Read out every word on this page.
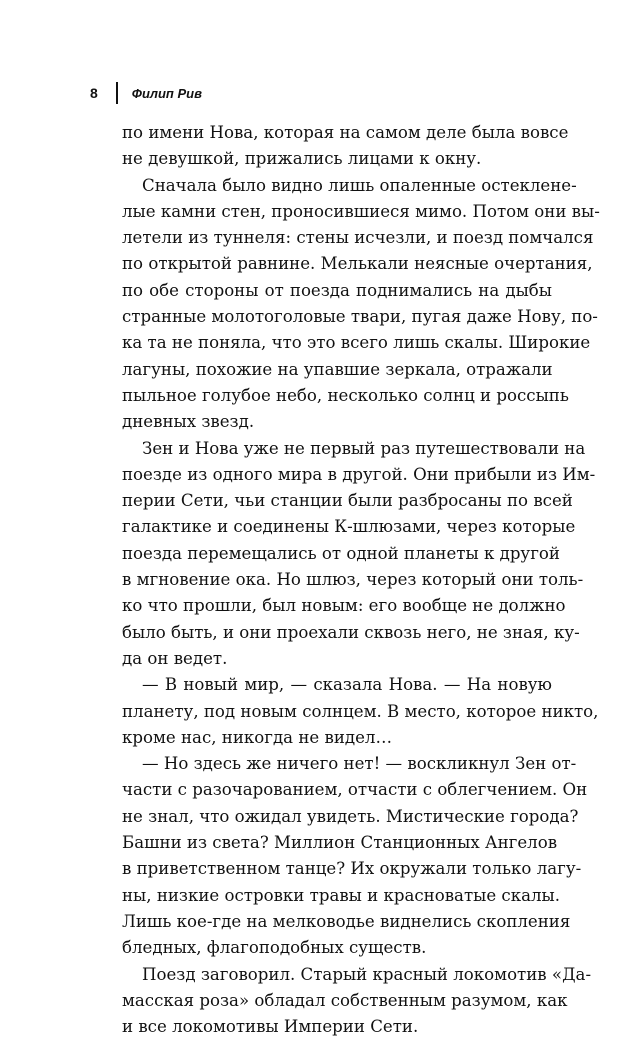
8	Филип Рив
по имени Нова, которая на самом деле была вовсе
не девушкой, прижались лицами к окну.
Сначала было видно лишь опаленные остеклене-
лые камни стен, проносившиеся мимо. Потом они вы-
летели из туннеля: стены исчезли, и поезд помчался
по открытой равнине. Мелькали неясные очертания,
по обе стороны от поезда поднимались на дыбы
странные молотоголовые твари, пугая даже Нову, по-
ка та не поняла, что это всего лишь скалы. Широкие
лагуны, похожие на упавшие зеркала, отражали
пыльное голубое небо, несколько солнц и россыпь
дневных звезд.
Зен и Нова уже не первый раз путешествовали на
поезде из одного мира в другой. Они прибыли из Им-
перии Сети, чьи станции были разбросаны по всей
галактике и соединены К-шлюзами, через которые
поезда перемещались от одной планеты к другой
в мгновение ока. Но шлюз, через который они толь-
ко что прошли, был новым: его вообще не должно
было быть, и они проехали сквозь него, не зная, ку-
да он ведет.
— В новый мир, — сказала Нова. — На новую
планету, под новым солнцем. В место, которое никто,
кроме нас, никогда не видел…
— Но здесь же ничего нет! — воскликнул Зен от-
части с разочарованием, отчасти с облегчением. Он
не знал, что ожидал увидеть. Мистические города?
Башни из света? Миллион Станционных Ангелов
в приветственном танце? Их окружали только лагу-
ны, низкие островки травы и красноватые скалы.
Лишь кое-где на мелководье виднелись скопления
бледных, флагоподобных существ.
Поезд заговорил. Старый красный локомотив «Да-
масская роза» обладал собственным разумом, как
и все локомотивы Империи Сети.
